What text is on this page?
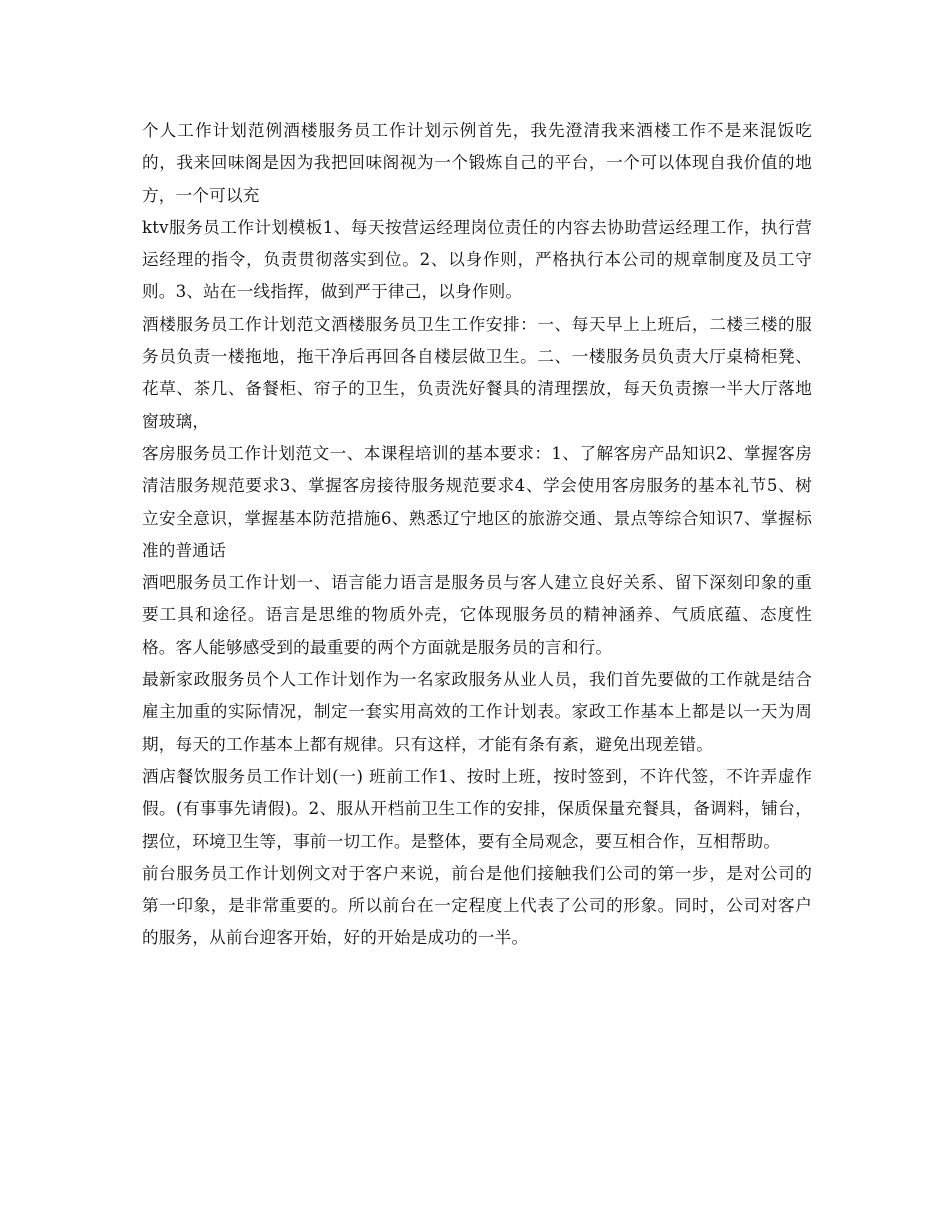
个人工作计划范例酒楼服务员工作计划示例首先，我先澄清我来酒楼工作不是来混饭吃的，我来回味阁是因为我把回味阁视为一个锻炼自己的平台，一个可以体现自我价值的地方，一个可以充

ktv服务员工作计划模板1、每天按营运经理岗位责任的内容去协助营运经理工作，执行营运经理的指令，负责贯彻落实到位。2、以身作则，严格执行本公司的规章制度及员工守则。3、站在一线指挥，做到严于律己，以身作则。

酒楼服务员工作计划范文酒楼服务员卫生工作安排：一、每天早上上班后，二楼三楼的服务员负责一楼拖地，拖干净后再回各自楼层做卫生。二、一楼服务员负责大厅桌椅柜凳、花草、茶几、备餐柜、帘子的卫生，负责洗好餐具的清理摆放，每天负责擦一半大厅落地窗玻璃，

客房服务员工作计划范文一、本课程培训的基本要求：1、了解客房产品知识2、掌握客房清洁服务规范要求3、掌握客房接待服务规范要求4、学会使用客房服务的基本礼节5、树立安全意识，掌握基本防范措施6、熟悉辽宁地区的旅游交通、景点等综合知识7、掌握标准的普通话

酒吧服务员工作计划一、语言能力语言是服务员与客人建立良好关系、留下深刻印象的重要工具和途径。语言是思维的物质外壳，它体现服务员的精神涵养、气质底蕴、态度性格。客人能够感受到的最重要的两个方面就是服务员的言和行。

最新家政服务员个人工作计划作为一名家政服务从业人员，我们首先要做的工作就是结合雇主加重的实际情况，制定一套实用高效的工作计划表。家政工作基本上都是以一天为周期，每天的工作基本上都有规律。只有这样，才能有条有紊，避免出现差错。

酒店餐饮服务员工作计划(一) 班前工作1、按时上班，按时签到，不许代签，不许弄虚作假。(有事事先请假)。2、服从开档前卫生工作的安排，保质保量充餐具，备调料，铺台，摆位，环境卫生等，事前一切工作。是整体，要有全局观念，要互相合作，互相帮助。

前台服务员工作计划例文对于客户来说，前台是他们接触我们公司的第一步，是对公司的第一印象，是非常重要的。所以前台在一定程度上代表了公司的形象。同时，公司对客户的服务，从前台迎客开始，好的开始是成功的一半。
